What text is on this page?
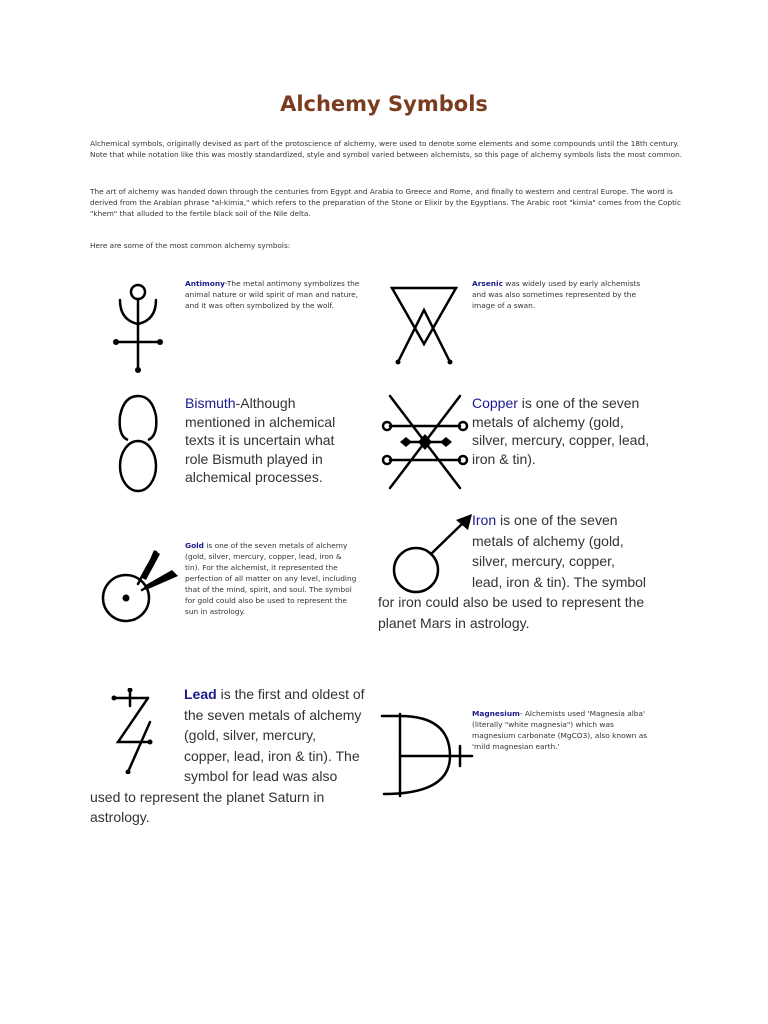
Alchemy Symbols
Alchemical symbols, originally devised as part of the protoscience of alchemy, were used to denote some elements and some compounds until the 18th century. Note that while notation like this was mostly standardized, style and symbol varied between alchemists, so this page of alchemy symbols lists the most common.
The art of alchemy was handed down through the centuries from Egypt and Arabia to Greece and Rome, and finally to western and central Europe. The word is derived from the Arabian phrase "al-kimia," which refers to the preparation of the Stone or Elixir by the Egyptians. The Arabic root "kimia" comes from the Coptic "khem" that alluded to the fertile black soil of the Nile delta.
Here are some of the most common alchemy symbols:
Antimony-The metal antimony symbolizes the animal nature or wild spirit of man and nature, and it was often symbolized by the wolf.
Arsenic was widely used by early alchemists and was also sometimes represented by the image of a swan.
Bismuth-Although mentioned in alchemical texts it is uncertain what role Bismuth played in alchemical processes.
Copper is one of the seven metals of alchemy (gold, silver, mercury, copper, lead, iron & tin).
Gold is one of the seven metals of alchemy (gold, silver, mercury, copper, lead, iron & tin). For the alchemist, it represented the perfection of all matter on any level, including that of the mind, spirit, and soul. The symbol for gold could also be used to represent the sun in astrology.
Iron is one of the seven metals of alchemy (gold, silver, mercury, copper, lead, iron & tin). The symbol for iron could also be used to represent the planet Mars in astrology.
Lead is the first and oldest of the seven metals of alchemy (gold, silver, mercury, copper, lead, iron & tin). The symbol for lead was also used to represent the planet Saturn in astrology.
Magnesium- Alchemists used 'Magnesia alba' (literally "white magnesia") which was magnesium carbonate (MgCO3), also known as 'mild magnesian earth.'
